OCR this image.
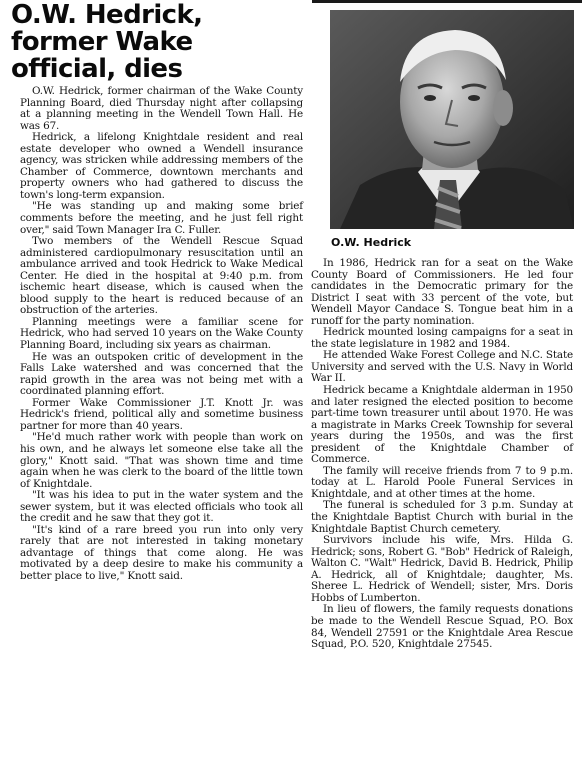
O.W. Hedrick,
former Wake
official, dies

O.W. Hedrick, former chairman of the Wake County Planning Board, died Thursday night after collapsing at a planning meeting in the Wendell Town Hall. He was 67.

Hedrick, a lifelong Knightdale resident and real estate developer who owned a Wendell insurance agency, was stricken while addressing members of the Chamber of Commerce, downtown merchants and property owners who had gathered to discuss the town's long-term expansion.

"He was standing up and making some brief comments before the meeting, and he just fell right over," said Town Manager Ira C. Fuller.

Two members of the Wendell Rescue Squad administered cardiopulmonary resuscitation until an ambulance arrived and took Hedrick to Wake Medical Center. He died in the hospital at 9:40 p.m. from ischemic heart disease, which is caused when the blood supply to the heart is reduced because of an obstruction of the arteries.

Planning meetings were a familiar scene for Hedrick, who had served 10 years on the Wake County Planning Board, including six years as chairman.

He was an outspoken critic of development in the Falls Lake watershed and was concerned that the rapid growth in the area was not being met with a coordinated planning effort.

Former Wake Commissioner J.T. Knott Jr. was Hedrick's friend, political ally and sometime business partner for more than 40 years.

"He'd much rather work with people than work on his own, and he always let someone else take all the glory," Knott said. "That was shown time and time again when he was clerk to the board of the little town of Knightdale.

"It was his idea to put in the water system and the sewer system, but it was elected officials who took all the credit and he saw that they got it.

"It's kind of a rare breed you run into only very rarely that are not interested in taking monetary advantage of things that come along. He was motivated by a deep desire to make his community a better place to live," Knott said.

O.W. Hedrick

In 1986, Hedrick ran for a seat on the Wake County Board of Commissioners. He led four candidates in the Democratic primary for the District I seat with 33 percent of the vote, but Wendell Mayor Candace S. Tongue beat him in a runoff for the party nomination.

Hedrick mounted losing campaigns for a seat in the state legislature in 1982 and 1984.

He attended Wake Forest College and N.C. State University and served with the U.S. Navy in World War II.

Hedrick became a Knightdale alderman in 1950 and later resigned the elected position to become part-time town treasurer until about 1970. He was a magistrate in Marks Creek Township for several years during the 1950s, and was the first president of the Knightdale Chamber of Commerce.

The family will receive friends from 7 to 9 p.m. today at L. Harold Poole Funeral Services in Knightdale, and at other times at the home.

The funeral is scheduled for 3 p.m. Sunday at the Knightdale Baptist Church with burial in the Knightdale Baptist Church cemetery.

Survivors include his wife, Mrs. Hilda G. Hedrick; sons, Robert G. "Bob" Hedrick of Raleigh, Walton C. "Walt" Hedrick, David B. Hedrick, Philip A. Hedrick, all of Knightdale; daughter, Ms. Sheree L. Hedrick of Wendell; sister, Mrs. Doris Hobbs of Lumberton.

In lieu of flowers, the family requests donations be made to the Wendell Rescue Squad, P.O. Box 84, Wendell 27591 or the Knightdale Area Rescue Squad, P.O. 520, Knightdale 27545.
